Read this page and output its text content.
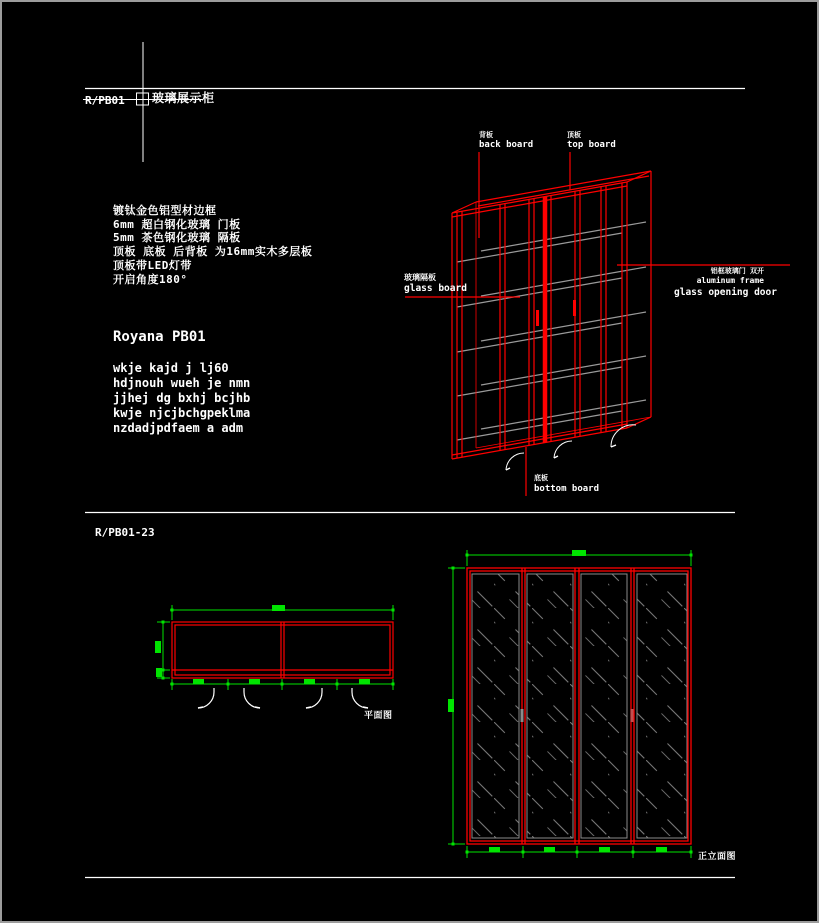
R/PB01 玻璃展示柜
镀钛金色铝型材边框
6mm 超白钢化玻璃 门板
5mm 茶色钢化玻璃 隔板
顶板 底板 后背板 为16mm实木多层板
顶板带LED灯带
开启角度180°
Royana PB01
wkje kajd j lj60
hdjnouh wueh je nmn
jjhej dg bxhj bcjhb
kwje njcjbchgpeklma
nzdadjpdfaem a adm
背板
back board
顶板
top board
玻璃隔板
glass board
铝框玻璃门 双开
aluminum frame
glass opening door
底板
bottom board
R/PB01-23
平面图
正立面图
